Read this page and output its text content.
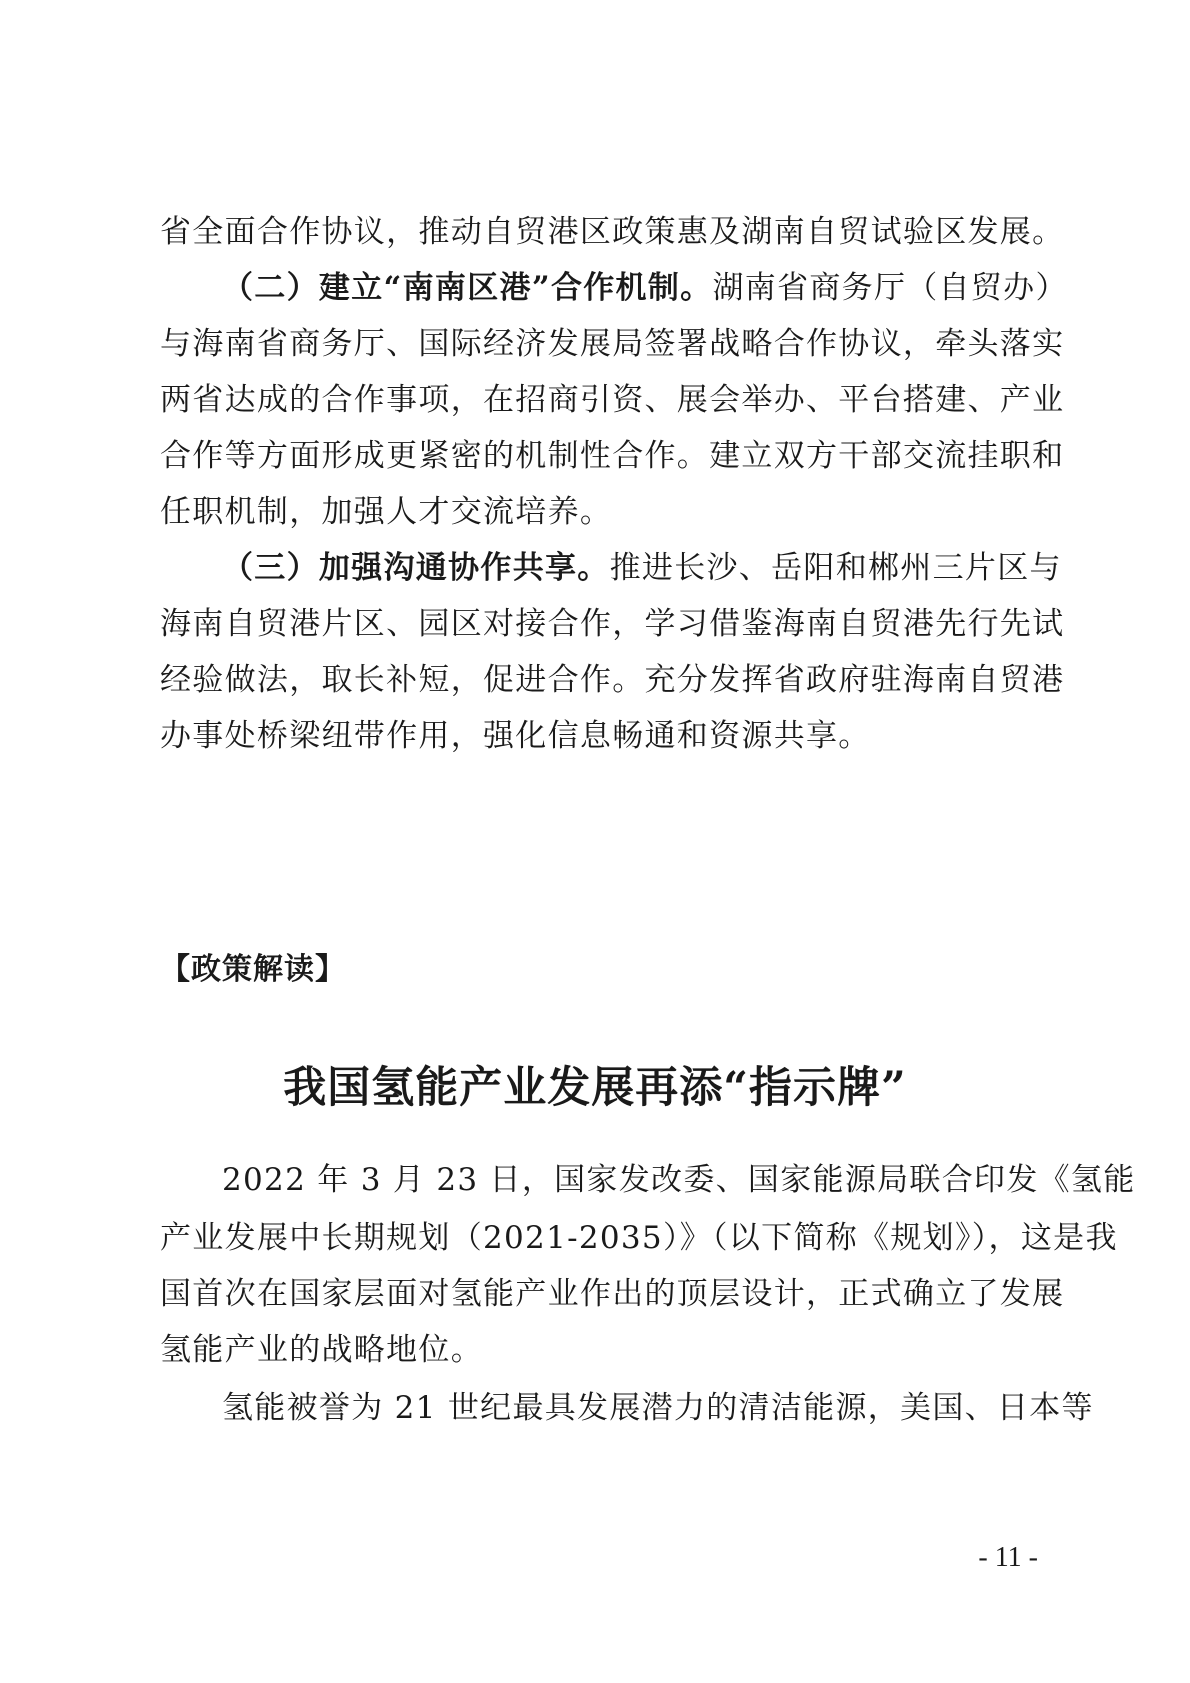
省全面合作协议，推动自贸港区政策惠及湖南自贸试验区发展。
（二）建立“南南区港”合作机制。湖南省商务厅（自贸办）
与海南省商务厅、国际经济发展局签署战略合作协议，牵头落实
两省达成的合作事项，在招商引资、展会举办、平台搭建、产业
合作等方面形成更紧密的机制性合作。建立双方干部交流挂职和
任职机制，加强人才交流培养。
（三）加强沟通协作共享。推进长沙、岳阳和郴州三片区与
海南自贸港片区、园区对接合作，学习借鉴海南自贸港先行先试
经验做法，取长补短，促进合作。充分发挥省政府驻海南自贸港
办事处桥梁纽带作用，强化信息畅通和资源共享。
【政策解读】
我国氢能产业发展再添“指示牌”
2022 年 3 月 23 日，国家发改委、国家能源局联合印发《氢能
产业发展中长期规划（2021-2035）》（以下简称《规划》），这是我
国首次在国家层面对氢能产业作出的顶层设计，正式确立了发展
氢能产业的战略地位。
氢能被誉为 21 世纪最具发展潜力的清洁能源，美国、日本等
- 11 -
